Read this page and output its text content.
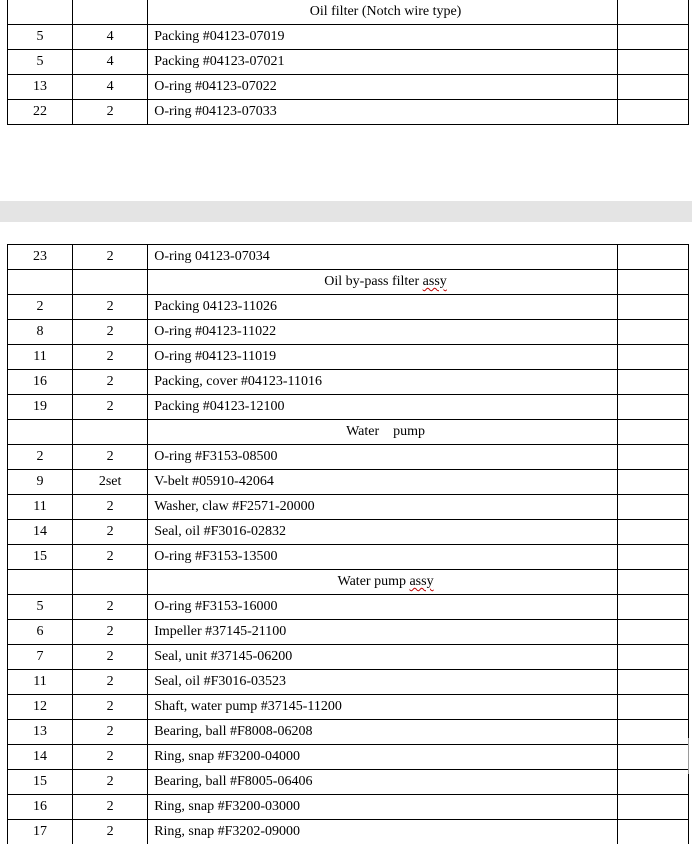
		Oil filter (Notch wire type)	
5	4	Packing #04123-07019	
5	4	Packing #04123-07021	
13	4	O-ring #04123-07022	
22	2	O-ring #04123-07033	
23	2	O-ring 04123-07034	
		Oil by-pass filter assy	
2	2	Packing 04123-11026	
8	2	O-ring #04123-11022	
11	2	O-ring #04123-11019	
16	2	Packing, cover #04123-11016	
19	2	Packing #04123-12100	
		Water    pump	
2	2	O-ring #F3153-08500	
9	2set	V-belt #05910-42064	
11	2	Washer, claw #F2571-20000	
14	2	Seal, oil #F3016-02832	
15	2	O-ring #F3153-13500	
		Water pump assy	
5	2	O-ring #F3153-16000	
6	2	Impeller #37145-21100	
7	2	Seal, unit #37145-06200	
11	2	Seal, oil #F3016-03523	
12	2	Shaft, water pump #37145-11200	
13	2	Bearing, ball #F8008-06208	
14	2	Ring, snap #F3200-04000	
15	2	Bearing, ball #F8005-06406	
16	2	Ring, snap #F3200-03000	
17	2	Ring, snap #F3202-09000	
